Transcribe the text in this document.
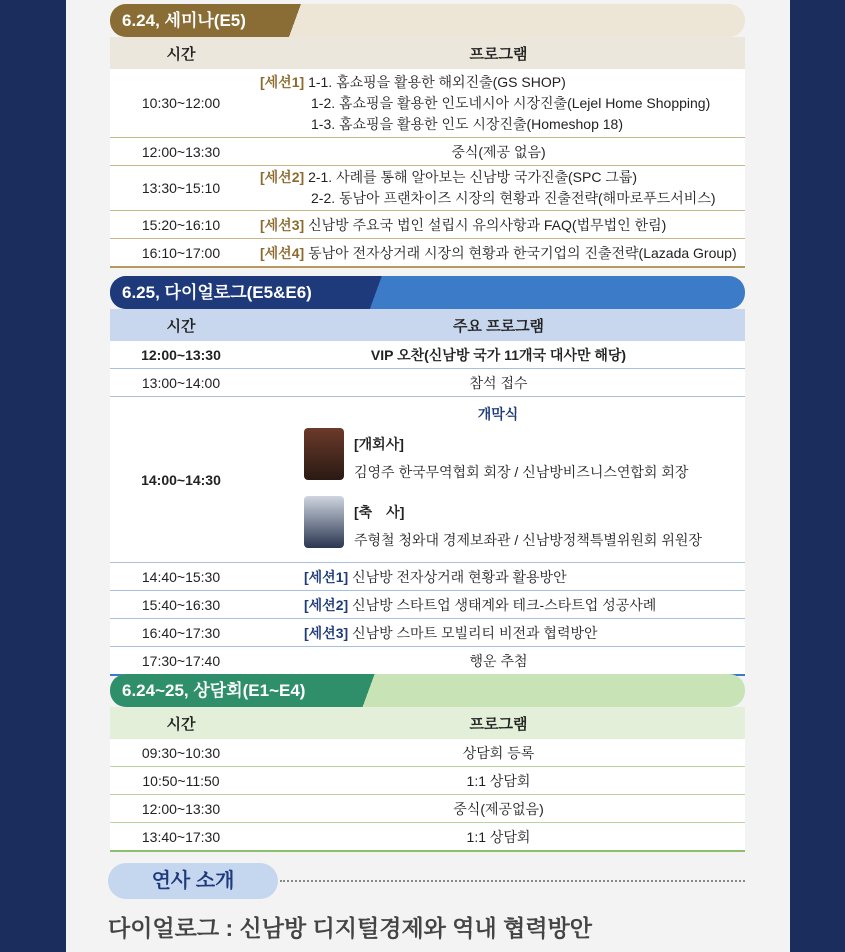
6.24, 세미나(E5)
시간	프로그램
10:30~12:00	[세션1] 1-1. 홈쇼핑을 활용한 해외진출(GS SHOP)
1-2. 홈쇼핑을 활용한 인도네시아 시장진출(Lejel Home Shopping)
1-3. 홈쇼핑을 활용한 인도 시장진출(Homeshop 18)
12:00~13:30	중식(제공 없음)
13:30~15:10	[세션2] 2-1. 사례를 통해 알아보는 신남방 국가진출(SPC 그룹)
2-2. 동남아 프랜차이즈 시장의 현황과 진출전략(해마로푸드서비스)
15:20~16:10	[세션3] 신남방 주요국 법인 설립시 유의사항과 FAQ(법무법인 한림)
16:10~17:00	[세션4] 동남아 전자상거래 시장의 현황과 한국기업의 진출전략(Lazada Group)
6.25, 다이얼로그(E5&E6)
시간	주요 프로그램
12:00~13:30	VIP 오찬(신남방 국가 11개국 대사만 해당)
13:00~14:00	참석 접수
14:00~14:30	개막식
[개회사]
김영주 한국무역협회 회장 / 신남방비즈니스연합회 회장
[축　사]
주형철 청와대 경제보좌관 / 신남방정책특별위원회 위원장

14:40~15:30	[세션1] 신남방 전자상거래 현황과 활용방안
15:40~16:30	[세션2] 신남방 스타트업 생태계와 테크-스타트업 성공사례
16:40~17:30	[세션3] 신남방 스마트 모빌리티 비전과 협력방안
17:30~17:40	행운 추첨
6.24~25, 상담회(E1~E4)
시간	프로그램
09:30~10:30	상담회 등록
10:50~11:50	1:1 상담회
12:00~13:30	중식(제공없음)
13:40~17:30	1:1 상담회
연사 소개
다이얼로그 : 신남방 디지털경제와 역내 협력방안
